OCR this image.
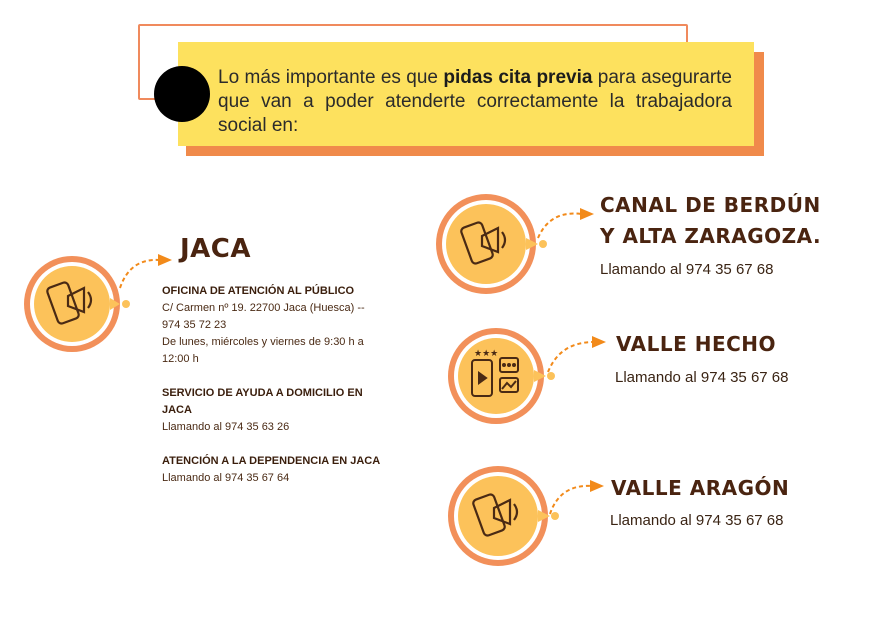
Lo más importante es que pidas cita previa para asegurarte que van a poder atenderte correctamente la trabajadora social en:
JACA
OFICINA DE ATENCIÓN AL PÚBLICO
C/ Carmen nº 19. 22700 Jaca (Huesca) --
974 35 72 23
De lunes, miércoles y viernes de 9:30 h a 12:00 h
SERVICIO DE AYUDA A DOMICILIO EN JACA
Llamando al 974 35 63 26
ATENCIÓN A LA DEPENDENCIA EN JACA
Llamando al 974 35 67 64
CANAL DE BERDÚN
Y ALTA ZARAGOZA.
Llamando al 974 35 67 68
★★★	VALLE HECHO
Llamando al 974 35 67 68
VALLE ARAGÓN
Llamando al 974 35 67 68
